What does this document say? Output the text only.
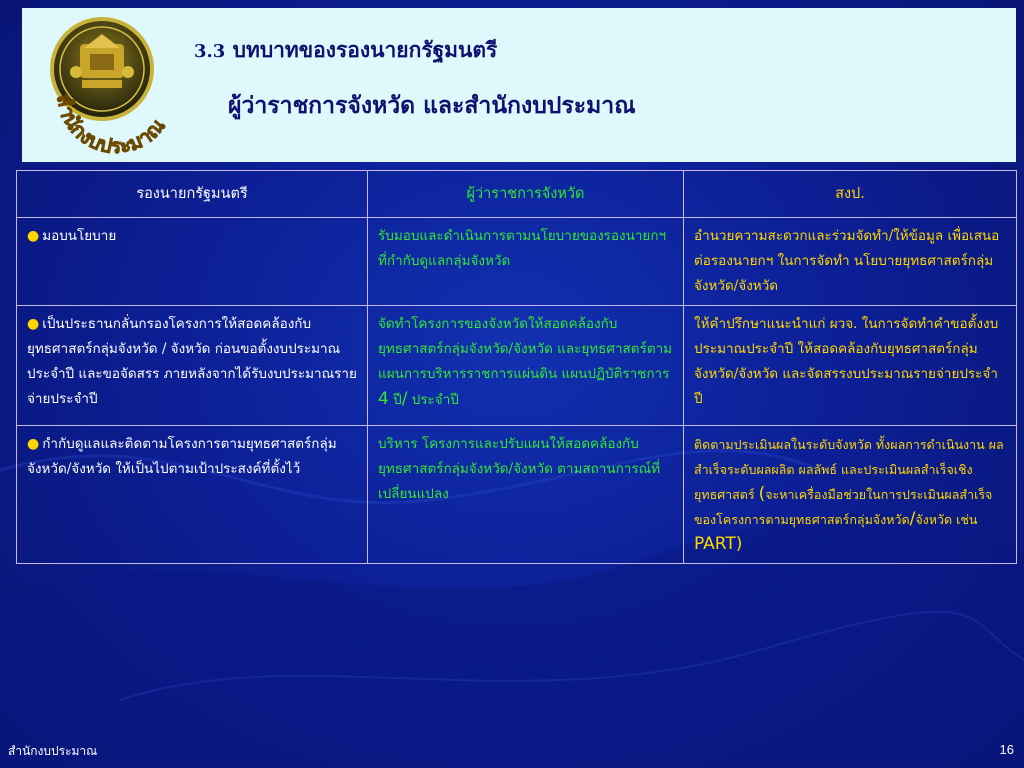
สำนักงบประมาณ
3.3 บทบาทของรองนายกรัฐมนตรี
ผู้ว่าราชการจังหวัด และสำนักงบประมาณ
รองนายกรัฐมนตรี	ผู้ว่าราชการจังหวัด	สงป.
● มอบนโยบาย	รับมอบและดำเนินการตามนโยบายของรองนายกฯ ที่กำกับดูแลกลุ่มจังหวัด	อำนวยความสะดวกและร่วมจัดทำ/ให้ข้อมูล เพื่อเสนอต่อรองนายกฯ ในการจัดทำ นโยบายยุทธศาสตร์กลุ่มจังหวัด/จังหวัด
● เป็นประธานกลั่นกรองโครงการให้สอดคล้องกับยุทธศาสตร์กลุ่มจังหวัด / จังหวัด ก่อนขอตั้งงบประมาณประจำปี และขอจัดสรร ภายหลังจากได้รับงบประมาณรายจ่ายประจำปี	จัดทำโครงการของจังหวัดให้สอดคล้องกับยุทธศาสตร์กลุ่มจังหวัด/จังหวัด และยุทธศาสตร์ตามแผนการบริหารราชการแผ่นดิน แผนปฏิบัติราชการ 4 ปี/ ประจำปี	ให้คำปรึกษาแนะนำแก่ ผวจ. ในการจัดทำคำขอตั้งงบประมาณประจำปี ให้สอดคล้องกับยุทธศาสตร์กลุ่มจังหวัด/จังหวัด และจัดสรรงบประมาณรายจ่ายประจำปี
● กำกับดูแลและติดตามโครงการตามยุทธศาสตร์กลุ่มจังหวัด/จังหวัด ให้เป็นไปตามเป้าประสงค์ที่ตั้งไว้	บริหาร โครงการและปรับแผนให้สอดคล้องกับยุทธศาสตร์กลุ่มจังหวัด/จังหวัด ตามสถานการณ์ที่เปลี่ยนแปลง	ติดตามประเมินผลในระดับจังหวัด ทั้งผลการดำเนินงาน ผลสำเร็จระดับผลผลิต ผลลัพธ์ และประเมินผลสำเร็จเชิงยุทธศาสตร์ (จะหาเครื่องมือช่วยในการประเมินผลสำเร็จของโครงการตามยุทธศาสตร์กลุ่มจังหวัด/จังหวัด เช่น PART)
สำนักงบประมาณ	16
